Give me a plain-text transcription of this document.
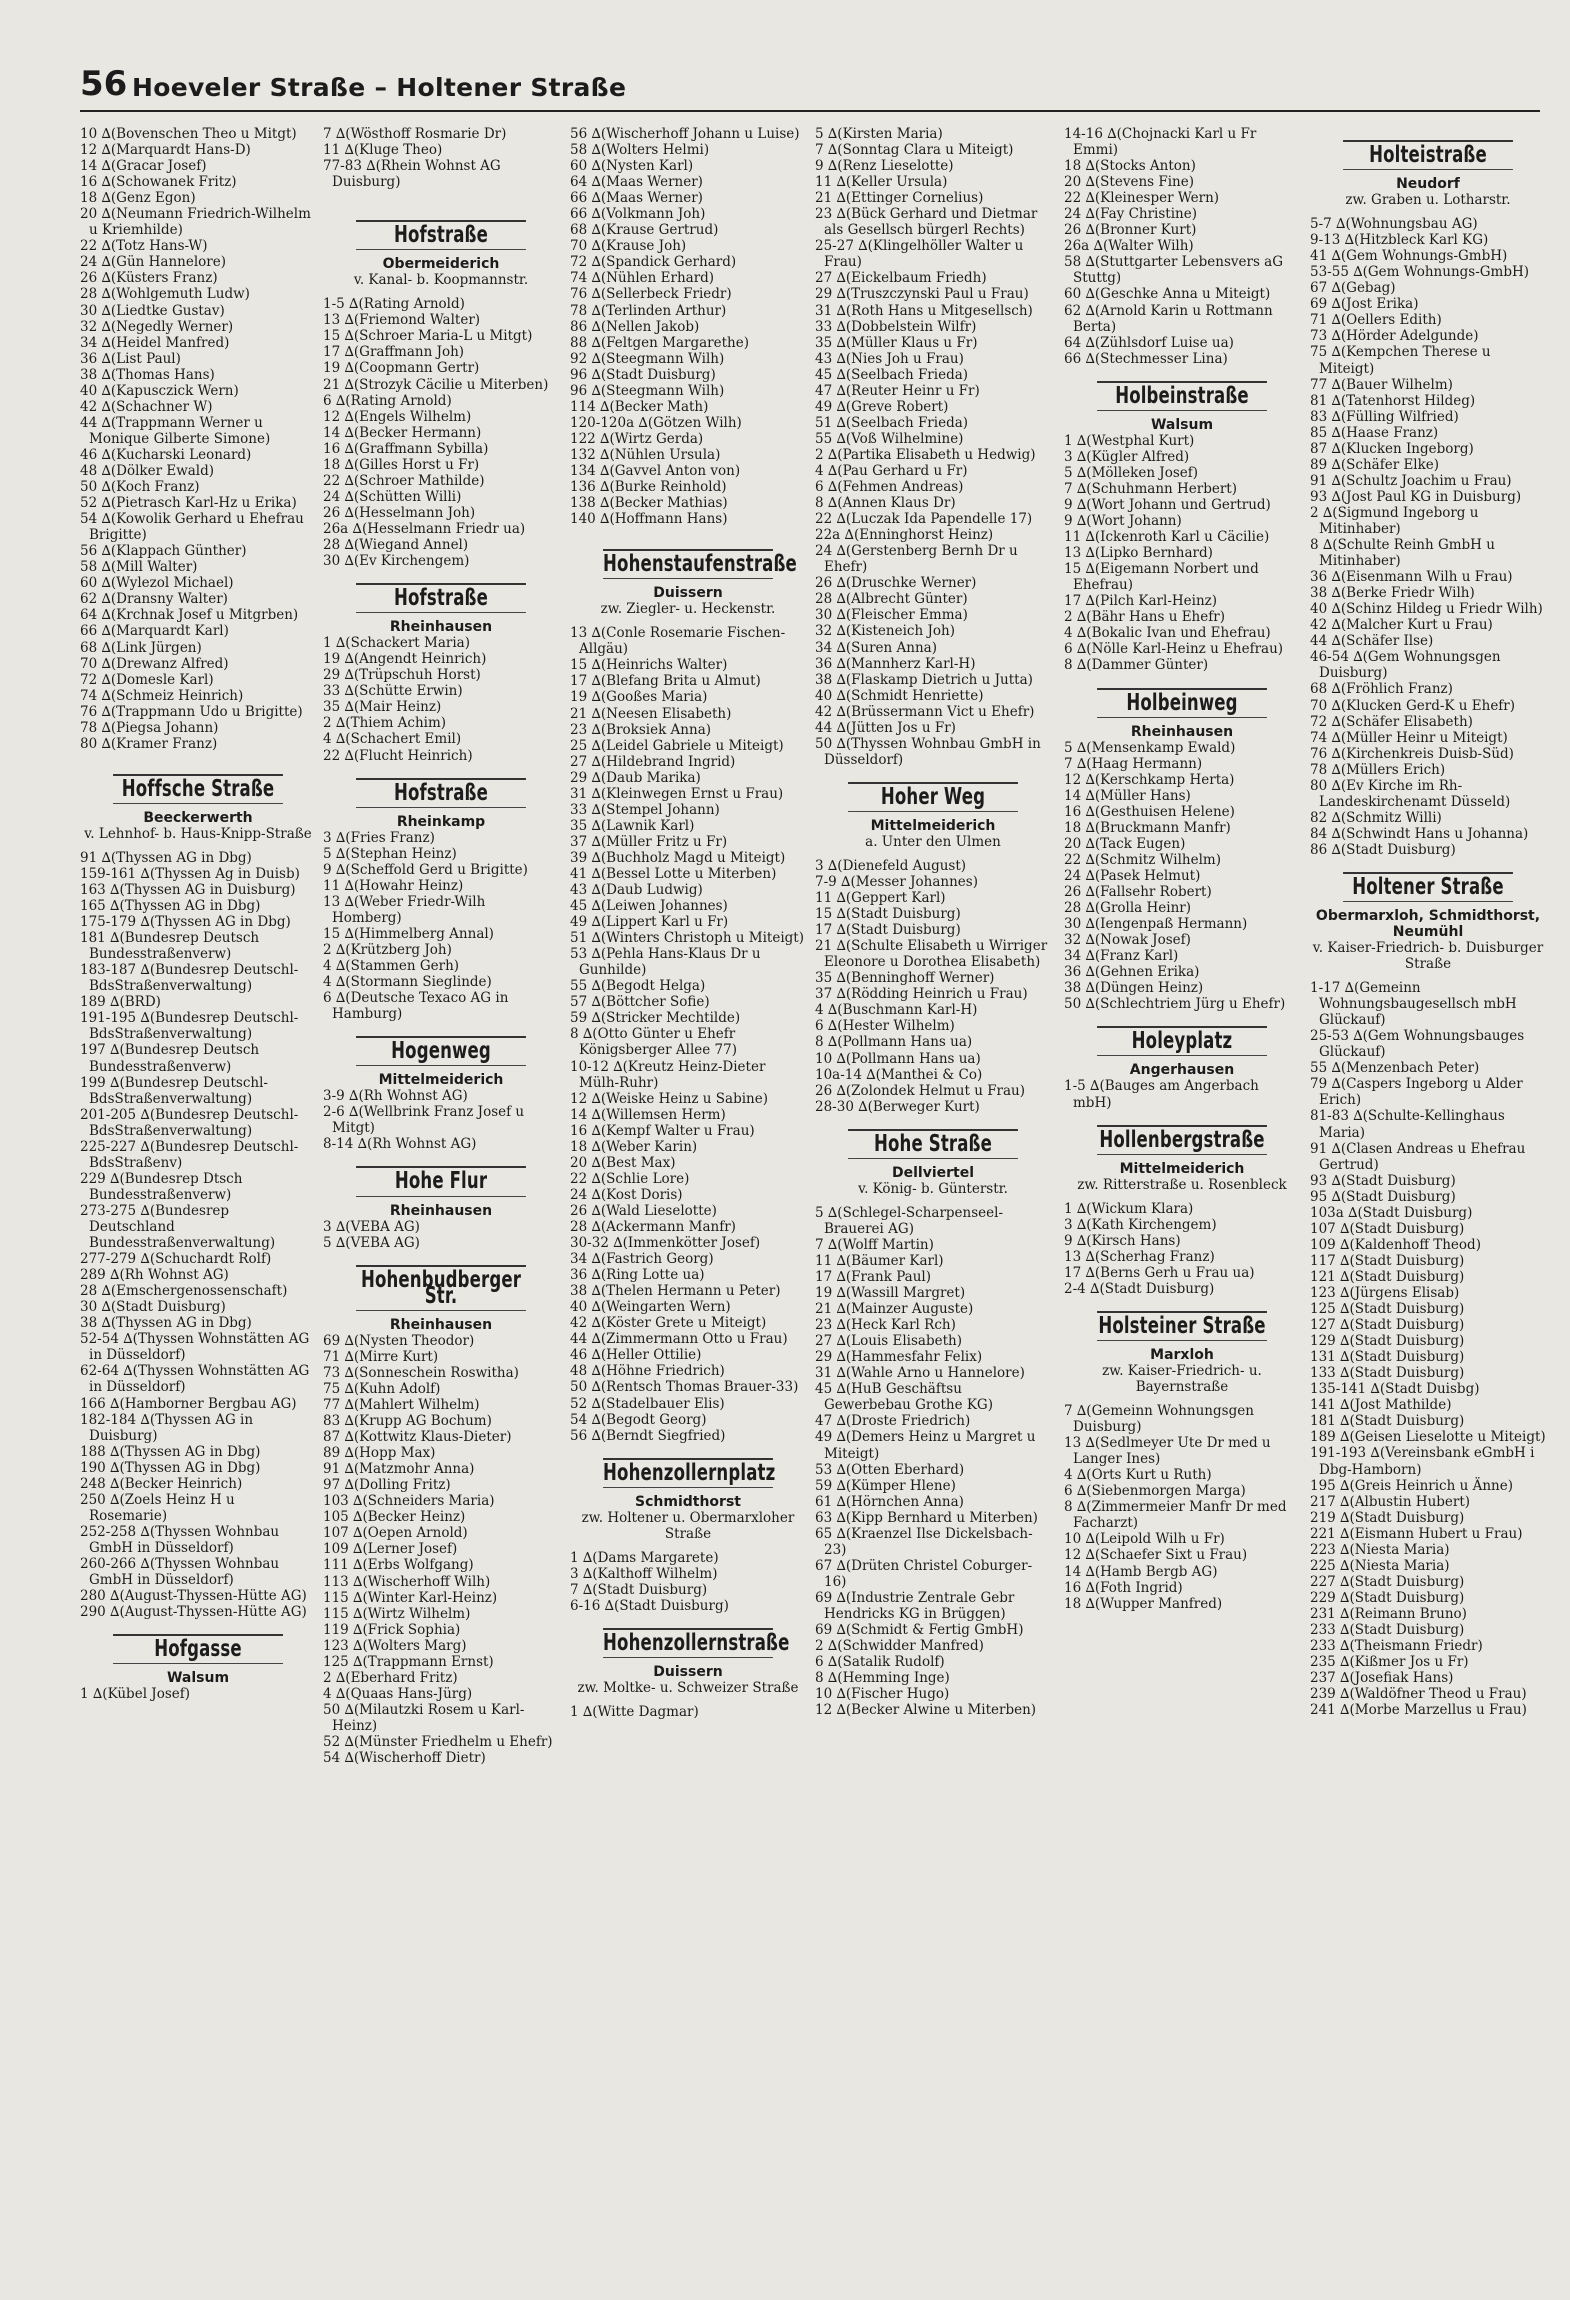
56 Hoeveler Straße – Holtener Straße
10 ∆(Bovenschen Theo u Mitgt)
12 ∆(Marquardt Hans-D)
14 ∆(Gracar Josef)
16 ∆(Schowanek Fritz)
18 ∆(Genz Egon)
20 ∆(Neumann Friedrich-Wilhelm u Kriemhilde)
22 ∆(Totz Hans-W)
24 ∆(Gün Hannelore)
26 ∆(Küsters Franz)
28 ∆(Wohlgemuth Ludw)
30 ∆(Liedtke Gustav)
32 ∆(Negedly Werner)
34 ∆(Heidel Manfred)
36 ∆(List Paul)
38 ∆(Thomas Hans)
40 ∆(Kapusczick Wern)
42 ∆(Schachner W)
44 ∆(Trappmann Werner u Monique Gilberte Simone)
46 ∆(Kucharski Leonard)
48 ∆(Dölker Ewald)
50 ∆(Koch Franz)
52 ∆(Pietrasch Karl-Hz u Erika)
54 ∆(Kowolik Gerhard u Ehefrau Brigitte)
56 ∆(Klappach Günther)
58 ∆(Mill Walter)
60 ∆(Wylezol Michael)
62 ∆(Dransny Walter)
64 ∆(Krchnak Josef u Mitgrben)
66 ∆(Marquardt Karl)
68 ∆(Link Jürgen)
70 ∆(Drewanz Alfred)
72 ∆(Domesle Karl)
74 ∆(Schmeiz Heinrich)
76 ∆(Trappmann Udo u Brigitte)
78 ∆(Piegsa Johann)
80 ∆(Kramer Franz)
Hoffsche Straße
Beeckerwerth
v. Lehnhof- b. Haus-Knipp-Straße
91 ∆(Thyssen AG in Dbg)
159-161 ∆(Thyssen Ag in Duisb)
163 ∆(Thyssen AG in Duisburg)
165 ∆(Thyssen AG in Dbg)
175-179 ∆(Thyssen AG in Dbg)
181 ∆(Bundesrep Deutsch Bundesstraßenverw)
183-187 ∆(Bundesrep Deutschl-BdsStraßenverwaltung)
189 ∆(BRD)
191-195 ∆(Bundesrep Deutschl-BdsStraßenverwaltung)
197 ∆(Bundesrep Deutsch Bundesstraßenverw)
199 ∆(Bundesrep Deutschl-BdsStraßenverwaltung)
201-205 ∆(Bundesrep Deutschl-BdsStraßenverwaltung)
225-227 ∆(Bundesrep Deutschl-BdsStraßenv)
229 ∆(Bundesrep Dtsch Bundesstraßenverw)
273-275 ∆(Bundesrep Deutschland Bundesstraßenverwaltung)
277-279 ∆(Schuchardt Rolf)
289 ∆(Rh Wohnst AG)
28 ∆(Emschergenossenschaft)
30 ∆(Stadt Duisburg)
38 ∆(Thyssen AG in Dbg)
52-54 ∆(Thyssen Wohnstätten AG in Düsseldorf)
62-64 ∆(Thyssen Wohnstätten AG in Düsseldorf)
166 ∆(Hamborner Bergbau AG)
182-184 ∆(Thyssen AG in Duisburg)
188 ∆(Thyssen AG in Dbg)
190 ∆(Thyssen AG in Dbg)
248 ∆(Becker Heinrich)
250 ∆(Zoels Heinz H u Rosemarie)
252-258 ∆(Thyssen Wohnbau GmbH in Düsseldorf)
260-266 ∆(Thyssen Wohnbau GmbH in Düsseldorf)
280 ∆(August-Thyssen-Hütte AG)
290 ∆(August-Thyssen-Hütte AG)
Hofgasse
Walsum
1 ∆(Kübel Josef)
7 ∆(Wösthoff Rosmarie Dr)
11 ∆(Kluge Theo)
77-83 ∆(Rhein Wohnst AG Duisburg)
Hofstraße
Obermeiderich
v. Kanal- b. Koopmannstr.
1-5 ∆(Rating Arnold)
13 ∆(Friemond Walter)
15 ∆(Schroer Maria-L u Mitgt)
17 ∆(Graffmann Joh)
19 ∆(Coopmann Gertr)
21 ∆(Strozyk Cäcilie u Miterben)
6 ∆(Rating Arnold)
12 ∆(Engels Wilhelm)
14 ∆(Becker Hermann)
16 ∆(Graffmann Sybilla)
18 ∆(Gilles Horst u Fr)
22 ∆(Schroer Mathilde)
24 ∆(Schütten Willi)
26 ∆(Hesselmann Joh)
26a ∆(Hesselmann Friedr ua)
28 ∆(Wiegand Annel)
30 ∆(Ev Kirchengem)
Hofstraße
Rheinhausen
1 ∆(Schackert Maria)
19 ∆(Angendt Heinrich)
29 ∆(Trüpschuh Horst)
33 ∆(Schütte Erwin)
35 ∆(Mair Heinz)
2 ∆(Thiem Achim)
4 ∆(Schachert Emil)
22 ∆(Flucht Heinrich)
Hofstraße
Rheinkamp
3 ∆(Fries Franz)
5 ∆(Stephan Heinz)
9 ∆(Scheffold Gerd u Brigitte)
11 ∆(Howahr Heinz)
13 ∆(Weber Friedr-Wilh Homberg)
15 ∆(Himmelberg Annal)
2 ∆(Krützberg Joh)
4 ∆(Stammen Gerh)
4 ∆(Stormann Sieglinde)
6 ∆(Deutsche Texaco AG in Hamburg)
Hogenweg
Mittelmeiderich
3-9 ∆(Rh Wohnst AG)
2-6 ∆(Wellbrink Franz Josef u Mitgt)
8-14 ∆(Rh Wohnst AG)
Hohe Flur
Rheinhausen
3 ∆(VEBA AG)
5 ∆(VEBA AG)
Hohenbudberger Str.
Rheinhausen
69 ∆(Nysten Theodor)
71 ∆(Mirre Kurt)
73 ∆(Sonneschein Roswitha)
75 ∆(Kuhn Adolf)
77 ∆(Mahlert Wilhelm)
83 ∆(Krupp AG Bochum)
87 ∆(Kottwitz Klaus-Dieter)
89 ∆(Hopp Max)
91 ∆(Matzmohr Anna)
97 ∆(Dolling Fritz)
103 ∆(Schneiders Maria)
105 ∆(Becker Heinz)
107 ∆(Oepen Arnold)
109 ∆(Lerner Josef)
111 ∆(Erbs Wolfgang)
113 ∆(Wischerhoff Wilh)
115 ∆(Winter Karl-Heinz)
115 ∆(Wirtz Wilhelm)
119 ∆(Frick Sophia)
123 ∆(Wolters Marg)
125 ∆(Trappmann Ernst)
2 ∆(Eberhard Fritz)
4 ∆(Quaas Hans-Jürg)
50 ∆(Milautzki Rosem u Karl-Heinz)
52 ∆(Münster Friedhelm u Ehefr)
54 ∆(Wischerhoff Dietr)
56 ∆(Wischerhoff Johann u Luise)
58 ∆(Wolters Helmi)
60 ∆(Nysten Karl)
64 ∆(Maas Werner)
66 ∆(Maas Werner)
66 ∆(Volkmann Joh)
68 ∆(Krause Gertrud)
70 ∆(Krause Joh)
72 ∆(Spandick Gerhard)
74 ∆(Nühlen Erhard)
76 ∆(Sellerbeck Friedr)
78 ∆(Terlinden Arthur)
86 ∆(Nellen Jakob)
88 ∆(Feltgen Margarethe)
92 ∆(Steegmann Wilh)
96 ∆(Stadt Duisburg)
96 ∆(Steegmann Wilh)
114 ∆(Becker Math)
120-120a ∆(Götzen Wilh)
122 ∆(Wirtz Gerda)
132 ∆(Nühlen Ursula)
134 ∆(Gavvel Anton von)
136 ∆(Burke Reinhold)
138 ∆(Becker Mathias)
140 ∆(Hoffmann Hans)
Hohenstaufenstraße
Duissern
zw. Ziegler- u. Heckenstr.
13 ∆(Conle Rosemarie Fischen-Allgäu)
15 ∆(Heinrichs Walter)
17 ∆(Blefang Brita u Almut)
19 ∆(Gooßes Maria)
21 ∆(Neesen Elisabeth)
23 ∆(Broksiek Anna)
25 ∆(Leidel Gabriele u Miteigt)
27 ∆(Hildebrand Ingrid)
29 ∆(Daub Marika)
31 ∆(Kleinwegen Ernst u Frau)
33 ∆(Stempel Johann)
35 ∆(Lawnik Karl)
37 ∆(Müller Fritz u Fr)
39 ∆(Buchholz Magd u Miteigt)
41 ∆(Bessel Lotte u Miterben)
43 ∆(Daub Ludwig)
45 ∆(Leiwen Johannes)
49 ∆(Lippert Karl u Fr)
51 ∆(Winters Christoph u Miteigt)
53 ∆(Pehla Hans-Klaus Dr u Gunhilde)
55 ∆(Begodt Helga)
57 ∆(Böttcher Sofie)
59 ∆(Stricker Mechtilde)
8 ∆(Otto Günter u Ehefr Königsberger Allee 77)
10-12 ∆(Kreutz Heinz-Dieter Mülh-Ruhr)
12 ∆(Weiske Heinz u Sabine)
14 ∆(Willemsen Herm)
16 ∆(Kempf Walter u Frau)
18 ∆(Weber Karin)
20 ∆(Best Max)
22 ∆(Schlie Lore)
24 ∆(Kost Doris)
26 ∆(Wald Lieselotte)
28 ∆(Ackermann Manfr)
30-32 ∆(Immenkötter Josef)
34 ∆(Fastrich Georg)
36 ∆(Ring Lotte ua)
38 ∆(Thelen Hermann u Peter)
40 ∆(Weingarten Wern)
42 ∆(Köster Grete u Miteigt)
44 ∆(Zimmermann Otto u Frau)
46 ∆(Heller Ottilie)
48 ∆(Höhne Friedrich)
50 ∆(Rentsch Thomas Brauer-33)
52 ∆(Stadelbauer Elis)
54 ∆(Begodt Georg)
56 ∆(Berndt Siegfried)
Hohenzollernplatz
Schmidthorst
zw. Holtener u. Obermarxloher Straße
1 ∆(Dams Margarete)
3 ∆(Kalthoff Wilhelm)
7 ∆(Stadt Duisburg)
6-16 ∆(Stadt Duisburg)
Hohenzollernstraße
Duissern
zw. Moltke- u. Schweizer Straße
1 ∆(Witte Dagmar)
5 ∆(Kirsten Maria)
7 ∆(Sonntag Clara u Miteigt)
9 ∆(Renz Lieselotte)
11 ∆(Keller Ursula)
21 ∆(Ettinger Cornelius)
23 ∆(Bück Gerhard und Dietmar als Gesellsch bürgerl Rechts)
25-27 ∆(Klingelhöller Walter u Frau)
27 ∆(Eickelbaum Friedh)
29 ∆(Truszczynski Paul u Frau)
31 ∆(Roth Hans u Mitgesellsch)
33 ∆(Dobbelstein Wilfr)
35 ∆(Müller Klaus u Fr)
43 ∆(Nies Joh u Frau)
45 ∆(Seelbach Frieda)
47 ∆(Reuter Heinr u Fr)
49 ∆(Greve Robert)
51 ∆(Seelbach Frieda)
55 ∆(Voß Wilhelmine)
2 ∆(Partika Elisabeth u Hedwig)
4 ∆(Pau Gerhard u Fr)
6 ∆(Fehmen Andreas)
8 ∆(Annen Klaus Dr)
22 ∆(Luczak Ida Papendelle 17)
22a ∆(Enninghorst Heinz)
24 ∆(Gerstenberg Bernh Dr u Ehefr)
26 ∆(Druschke Werner)
28 ∆(Albrecht Günter)
30 ∆(Fleischer Emma)
32 ∆(Kisteneich Joh)
34 ∆(Suren Anna)
36 ∆(Mannherz Karl-H)
38 ∆(Flaskamp Dietrich u Jutta)
40 ∆(Schmidt Henriette)
42 ∆(Brüssermann Vict u Ehefr)
44 ∆(Jütten Jos u Fr)
50 ∆(Thyssen Wohnbau GmbH in Düsseldorf)
Hoher Weg
Mittelmeiderich
a. Unter den Ulmen
3 ∆(Dienefeld August)
7-9 ∆(Messer Johannes)
11 ∆(Geppert Karl)
15 ∆(Stadt Duisburg)
17 ∆(Stadt Duisburg)
21 ∆(Schulte Elisabeth u Wirriger Eleonore u Dorothea Elisabeth)
35 ∆(Benninghoff Werner)
37 ∆(Rödding Heinrich u Frau)
4 ∆(Buschmann Karl-H)
6 ∆(Hester Wilhelm)
8 ∆(Pollmann Hans ua)
10 ∆(Pollmann Hans ua)
10a-14 ∆(Manthei & Co)
26 ∆(Zolondek Helmut u Frau)
28-30 ∆(Berweger Kurt)
Hohe Straße
Dellviertel
v. König- b. Günterstr.
5 ∆(Schlegel-Scharpenseel-Brauerei AG)
7 ∆(Wolff Martin)
11 ∆(Bäumer Karl)
17 ∆(Frank Paul)
19 ∆(Wassill Margret)
21 ∆(Mainzer Auguste)
23 ∆(Heck Karl Rch)
27 ∆(Louis Elisabeth)
29 ∆(Hammesfahr Felix)
31 ∆(Wahle Arno u Hannelore)
45 ∆(HuB Geschäftsu Gewerbebau Grothe KG)
47 ∆(Droste Friedrich)
49 ∆(Demers Heinz u Margret u Miteigt)
53 ∆(Otten Eberhard)
59 ∆(Kümper Hlene)
61 ∆(Hörnchen Anna)
63 ∆(Kipp Bernhard u Miterben)
65 ∆(Kraenzel Ilse Dickelsbach-23)
67 ∆(Drüten Christel Coburger-16)
69 ∆(Industrie Zentrale Gebr Hendricks KG in Brüggen)
69 ∆(Schmidt & Fertig GmbH)
2 ∆(Schwidder Manfred)
6 ∆(Satalik Rudolf)
8 ∆(Hemming Inge)
10 ∆(Fischer Hugo)
12 ∆(Becker Alwine u Miterben)
14-16 ∆(Chojnacki Karl u Fr Emmi)
18 ∆(Stocks Anton)
20 ∆(Stevens Fine)
22 ∆(Kleinesper Wern)
24 ∆(Fay Christine)
26 ∆(Bronner Kurt)
26a ∆(Walter Wilh)
58 ∆(Stuttgarter Lebensvers aG Stuttg)
60 ∆(Geschke Anna u Miteigt)
62 ∆(Arnold Karin u Rottmann Berta)
64 ∆(Zühlsdorf Luise ua)
66 ∆(Stechmesser Lina)
Holbeinstraße
Walsum
1 ∆(Westphal Kurt)
3 ∆(Kügler Alfred)
5 ∆(Mölleken Josef)
7 ∆(Schuhmann Herbert)
9 ∆(Wort Johann und Gertrud)
9 ∆(Wort Johann)
11 ∆(Ickenroth Karl u Cäcilie)
13 ∆(Lipko Bernhard)
15 ∆(Eigemann Norbert und Ehefrau)
17 ∆(Pilch Karl-Heinz)
2 ∆(Bähr Hans u Ehefr)
4 ∆(Bokalic Ivan und Ehefrau)
6 ∆(Nölle Karl-Heinz u Ehefrau)
8 ∆(Dammer Günter)
Holbeinweg
Rheinhausen
5 ∆(Mensenkamp Ewald)
7 ∆(Haag Hermann)
12 ∆(Kerschkamp Herta)
14 ∆(Müller Hans)
16 ∆(Gesthuisen Helene)
18 ∆(Bruckmann Manfr)
20 ∆(Tack Eugen)
22 ∆(Schmitz Wilhelm)
24 ∆(Pasek Helmut)
26 ∆(Fallsehr Robert)
28 ∆(Grolla Heinr)
30 ∆(Iengenpaß Hermann)
32 ∆(Nowak Josef)
34 ∆(Franz Karl)
36 ∆(Gehnen Erika)
38 ∆(Düngen Heinz)
50 ∆(Schlechtriem Jürg u Ehefr)
Holeyplatz
Angerhausen
1-5 ∆(Bauges am Angerbach mbH)
Hollenbergstraße
Mittelmeiderich
zw. Ritterstraße u. Rosenbleck
1 ∆(Wickum Klara)
3 ∆(Kath Kirchengem)
9 ∆(Kirsch Hans)
13 ∆(Scherhag Franz)
17 ∆(Berns Gerh u Frau ua)
2-4 ∆(Stadt Duisburg)
Holsteiner Straße
Marxloh
zw. Kaiser-Friedrich- u. Bayernstraße
7 ∆(Gemeinn Wohnungsgen Duisburg)
13 ∆(Sedlmeyer Ute Dr med u Langer Ines)
4 ∆(Orts Kurt u Ruth)
6 ∆(Siebenmorgen Marga)
8 ∆(Zimmermeier Manfr Dr med Facharzt)
10 ∆(Leipold Wilh u Fr)
12 ∆(Schaefer Sixt u Frau)
14 ∆(Hamb Bergb AG)
16 ∆(Foth Ingrid)
18 ∆(Wupper Manfred)
Holteistraße
Neudorf
zw. Graben u. Lotharstr.
5-7 ∆(Wohnungsbau AG)
9-13 ∆(Hitzbleck Karl KG)
41 ∆(Gem Wohnungs-GmbH)
53-55 ∆(Gem Wohnungs-GmbH)
67 ∆(Gebag)
69 ∆(Jost Erika)
71 ∆(Oellers Edith)
73 ∆(Hörder Adelgunde)
75 ∆(Kempchen Therese u Miteigt)
77 ∆(Bauer Wilhelm)
81 ∆(Tatenhorst Hildeg)
83 ∆(Fülling Wilfried)
85 ∆(Haase Franz)
87 ∆(Klucken Ingeborg)
89 ∆(Schäfer Elke)
91 ∆(Schultz Joachim u Frau)
93 ∆(Jost Paul KG in Duisburg)
2 ∆(Sigmund Ingeborg u Mitinhaber)
8 ∆(Schulte Reinh GmbH u Mitinhaber)
36 ∆(Eisenmann Wilh u Frau)
38 ∆(Berke Friedr Wilh)
40 ∆(Schinz Hildeg u Friedr Wilh)
42 ∆(Malcher Kurt u Frau)
44 ∆(Schäfer Ilse)
46-54 ∆(Gem Wohnungsgen Duisburg)
68 ∆(Fröhlich Franz)
70 ∆(Klucken Gerd-K u Ehefr)
72 ∆(Schäfer Elisabeth)
74 ∆(Müller Heinr u Miteigt)
76 ∆(Kirchenkreis Duisb-Süd)
78 ∆(Müllers Erich)
80 ∆(Ev Kirche im Rh-Landeskirchenamt Düsseld)
82 ∆(Schmitz Willi)
84 ∆(Schwindt Hans u Johanna)
86 ∆(Stadt Duisburg)
Holtener Straße
Obermarxloh, Schmidthorst, Neumühl
v. Kaiser-Friedrich- b. Duisburger Straße
1-17 ∆(Gemeinn Wohnungsbaugesellsch mbH Glückauf)
25-53 ∆(Gem Wohnungsbauges Glückauf)
55 ∆(Menzenbach Peter)
79 ∆(Caspers Ingeborg u Alder Erich)
81-83 ∆(Schulte-Kellinghaus Maria)
91 ∆(Clasen Andreas u Ehefrau Gertrud)
93 ∆(Stadt Duisburg)
95 ∆(Stadt Duisburg)
103a ∆(Stadt Duisburg)
107 ∆(Stadt Duisburg)
109 ∆(Kaldenhoff Theod)
117 ∆(Stadt Duisburg)
121 ∆(Stadt Duisburg)
123 ∆(Jürgens Elisab)
125 ∆(Stadt Duisburg)
127 ∆(Stadt Duisburg)
129 ∆(Stadt Duisburg)
131 ∆(Stadt Duisburg)
133 ∆(Stadt Duisburg)
135-141 ∆(Stadt Duisbg)
141 ∆(Jost Mathilde)
181 ∆(Stadt Duisburg)
189 ∆(Geisen Lieselotte u Miteigt)
191-193 ∆(Vereinsbank eGmbH i Dbg-Hamborn)
195 ∆(Greis Heinrich u Änne)
217 ∆(Albustin Hubert)
219 ∆(Stadt Duisburg)
221 ∆(Eismann Hubert u Frau)
223 ∆(Niesta Maria)
225 ∆(Niesta Maria)
227 ∆(Stadt Duisburg)
229 ∆(Stadt Duisburg)
231 ∆(Reimann Bruno)
233 ∆(Stadt Duisburg)
233 ∆(Theismann Friedr)
235 ∆(Kißmer Jos u Fr)
237 ∆(Josefiak Hans)
239 ∆(Waldöfner Theod u Frau)
241 ∆(Morbe Marzellus u Frau)
